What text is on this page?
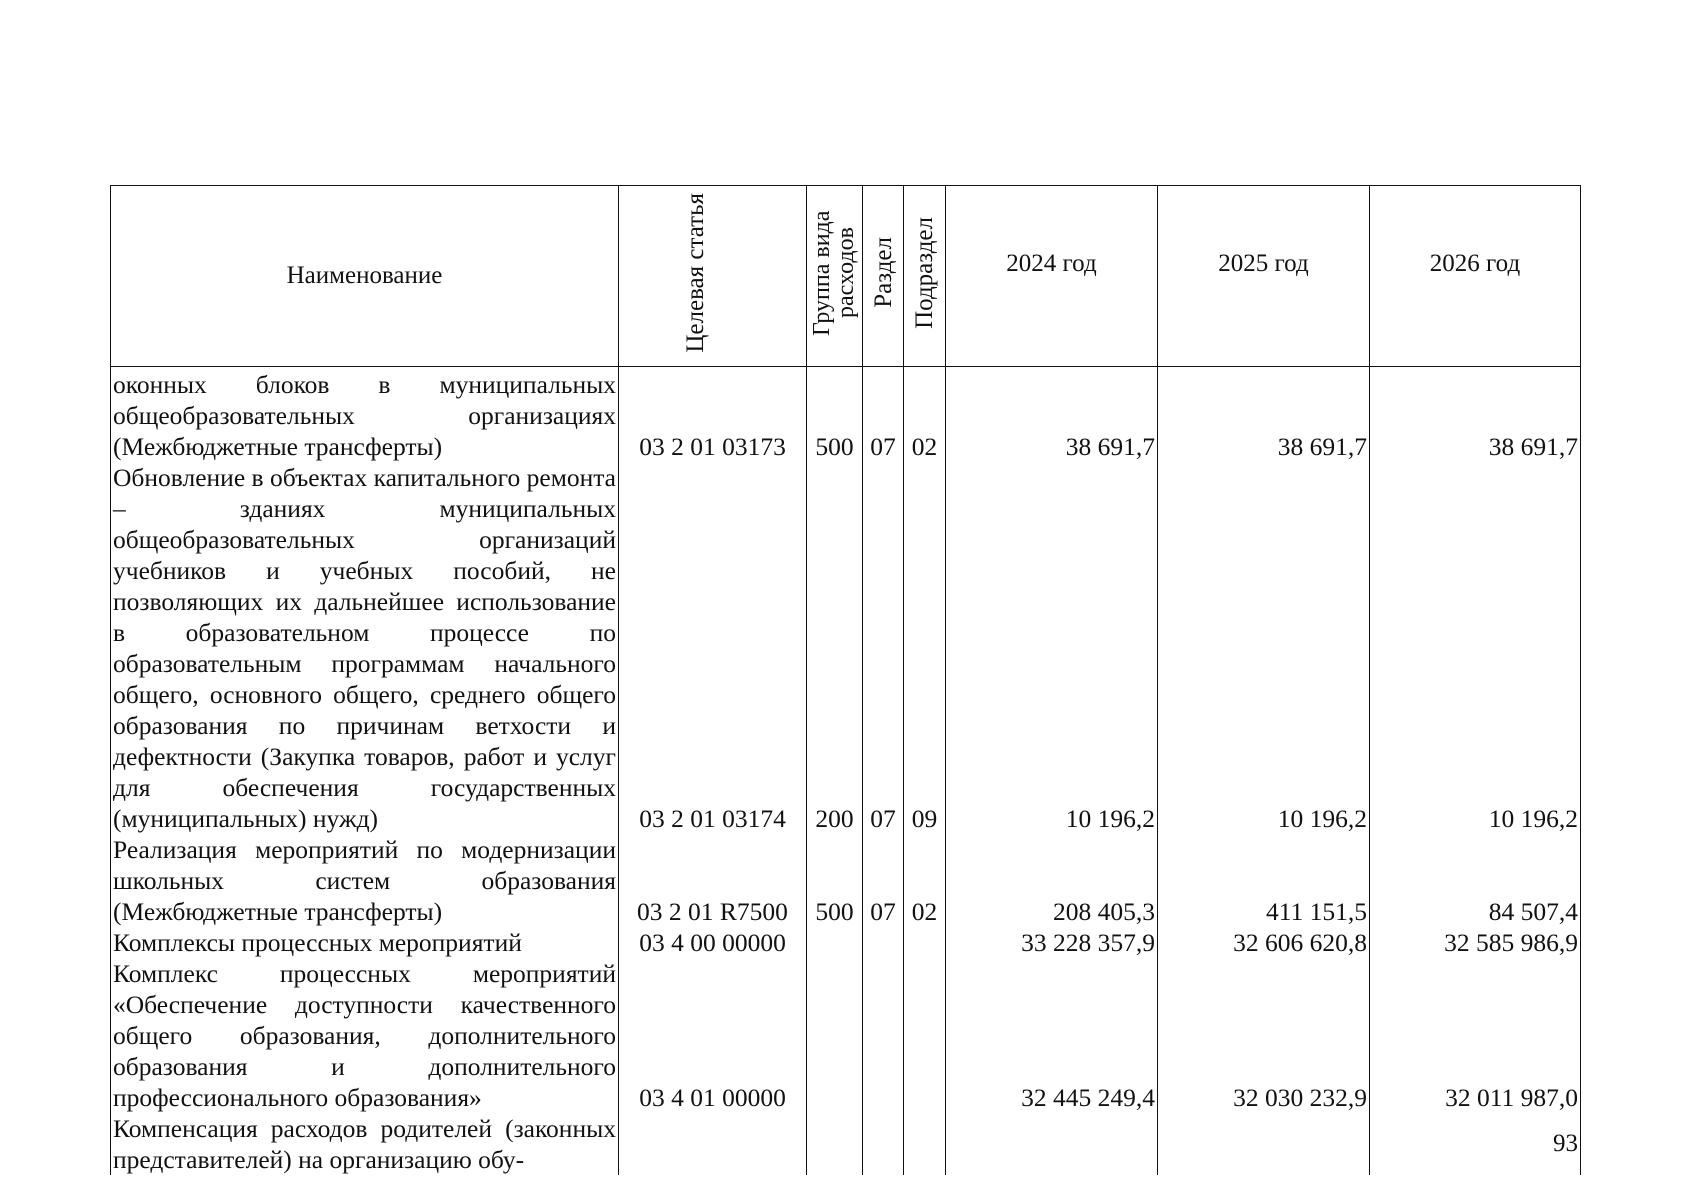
Наименование	Целевая статья	Группа вида расходов	Раздел	Подраздел	2024 год	2025 год	2026 год
оконных блоков в муниципальных общеобразовательных организациях (Межбюджетные трансферты)	03 2 01 03173	500	07	02	38 691,7	38 691,7	38 691,7
Обновление в объектах капитального ремонта – зданиях муниципальных общеобразовательных организаций учебников и учебных пособий, не позволяющих их дальнейшее использование в образовательном процессе по образовательным программам начального общего, основного общего, среднего общего образования по причинам ветхости и дефектности (Закупка товаров, работ и услуг для обеспечения государственных (муниципальных) нужд)	03 2 01 03174	200	07	09	10 196,2	10 196,2	10 196,2
Реализация мероприятий по модернизации школьных систем образования (Межбюджетные трансферты)	03 2 01 R7500	500	07	02	208 405,3	411 151,5	84 507,4
Комплексы процессных мероприятий	03 4 00 00000				33 228 357,9	32 606 620,8	32 585 986,9
Комплекс процессных мероприятий «Обеспечение доступности качественного общего образования, дополнительного образования и дополнительного профессионального образования»	03 4 01 00000				32 445 249,4	32 030 232,9	32 011 987,0
Компенсация расходов родителей (законных представителей) на организацию обу-							
93
